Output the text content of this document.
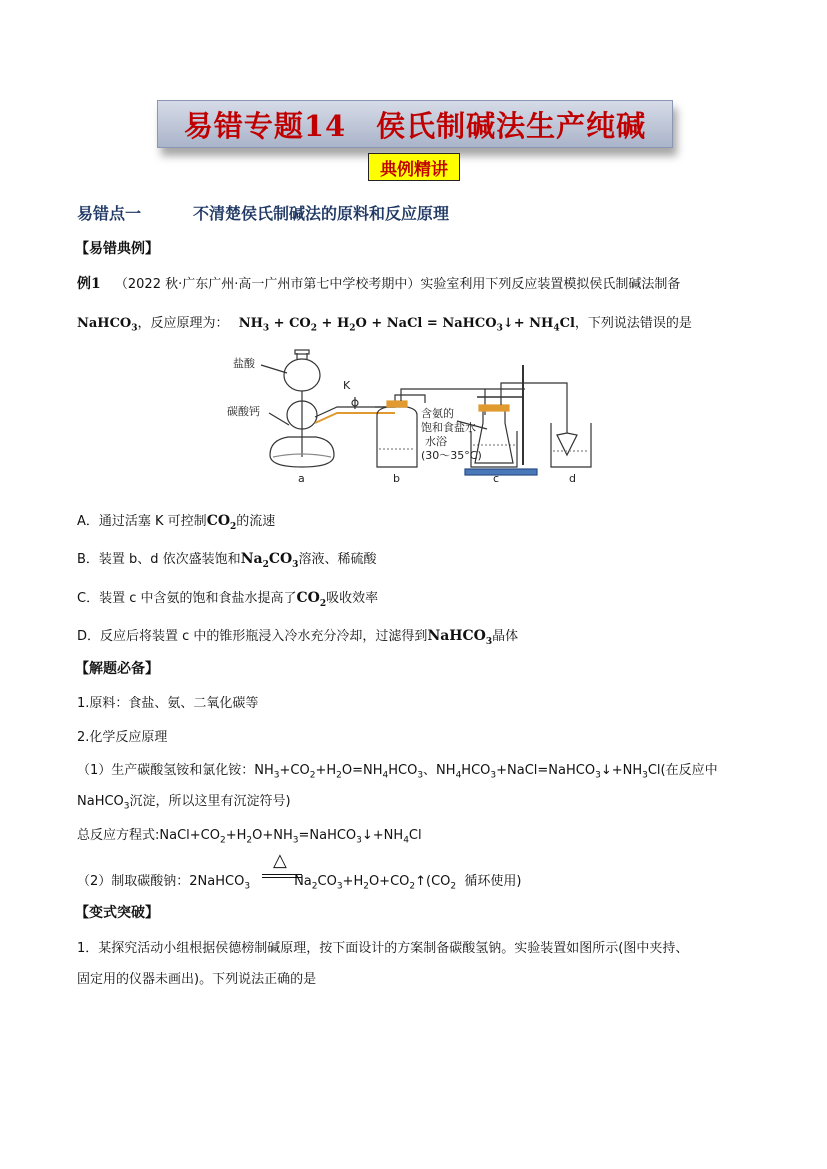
易错专题14　侯氏制碱法生产纯碱
典例精讲
易错点一	不清楚侯氏制碱法的原料和反应原理
【易错典例】
例1 （2022 秋·广东广州·高一广州市第七中学校考期中）实验室利用下列反应装置模拟侯氏制碱法制备
NaHCO$_3$，反应原理为： $NH_3 + CO_2 + H_2O$ + NaCl = NaHCO$_3$↓+ $NH_4Cl$，下列说法错误的是
盐酸
碳酸钙
K
含氨的
饱和食盐水
水浴
(30～35°C)
a	b	c	d
A．通过活塞 K 可控制$CO_2$的流速
B．装置 b、d 依次盛装饱和$Na_2CO_3$溶液、稀硫酸
C．装置 c 中含氨的饱和食盐水提高了$CO_2$吸收效率
D．反应后将装置 c 中的锥形瓶浸入冷水充分冷却，过滤得到NaHCO$_3$晶体
【解题必备】
1.原料：食盐、氨、二氧化碳等
2.化学反应原理
（1）生产碳酸氢铵和氯化铵：$NH_3+CO_2+H_2O=NH_4HCO_3$、$NH_4HCO_3+NaCl=NaHCO_3↓+NH_3Cl$(在反应中
NaHCO$_3$沉淀，所以这里有沉淀符号)
总反应方程式$:NaCl+CO_2+H_2O+NH_3=NaHCO_3↓+NH_4Cl$
△
（2）制取碳酸钠：2NaHCO$_3$	$Na_2CO_3+H_2O+CO_2↑(CO_2$ 循环使用)
【变式突破】
1．某探究活动小组根据侯德榜制碱原理，按下面设计的方案制备碳酸氢钠。实验装置如图所示(图中夹持、
固定用的仪器未画出)。下列说法正确的是
